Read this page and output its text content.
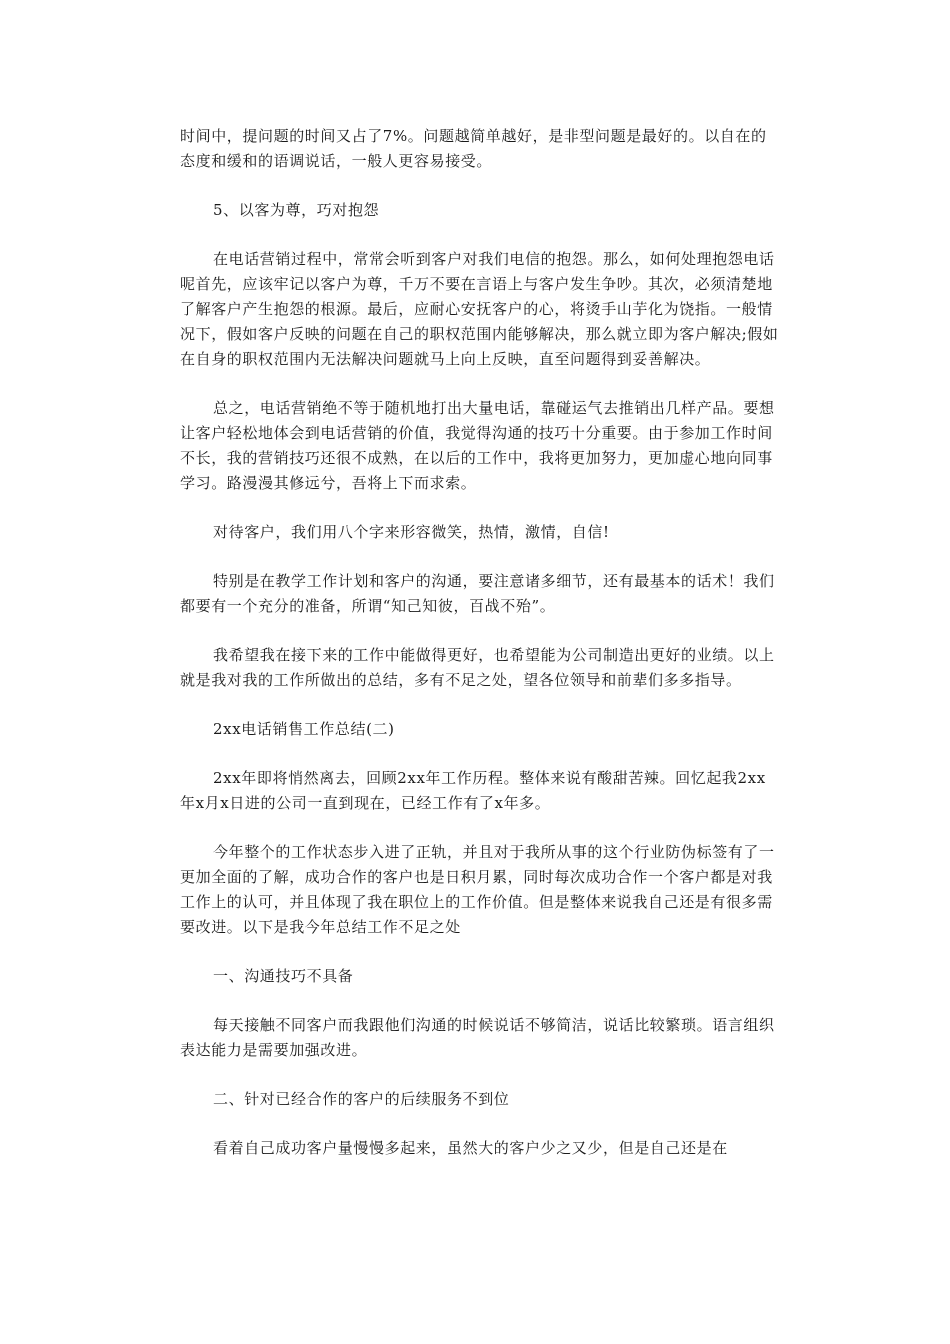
时间中，提问题的时间又占了7%。问题越简单越好，是非型问题是最好的。以自在的态度和缓和的语调说话，一般人更容易接受。

5、以客为尊，巧对抱怨

在电话营销过程中，常常会听到客户对我们电信的抱怨。那么，如何处理抱怨电话呢首先，应该牢记以客户为尊，千万不要在言语上与客户发生争吵。其次，必须清楚地了解客户产生抱怨的根源。最后，应耐心安抚客户的心，将烫手山芋化为饶指。一般情况下，假如客户反映的问题在自己的职权范围内能够解决，那么就立即为客户解决;假如在自身的职权范围内无法解决问题就马上向上反映，直至问题得到妥善解决。

总之，电话营销绝不等于随机地打出大量电话，靠碰运气去推销出几样产品。要想让客户轻松地体会到电话营销的价值，我觉得沟通的技巧十分重要。由于参加工作时间不长，我的营销技巧还很不成熟，在以后的工作中，我将更加努力，更加虚心地向同事学习。路漫漫其修远兮，吾将上下而求索。

对待客户，我们用八个字来形容微笑，热情，激情，自信!

特别是在教学工作计划和客户的沟通，要注意诸多细节，还有最基本的话术！我们都要有一个充分的准备，所谓“知己知彼，百战不殆”。

我希望我在接下来的工作中能做得更好，也希望能为公司制造出更好的业绩。以上就是我对我的工作所做出的总结，多有不足之处，望各位领导和前辈们多多指导。

2xx电话销售工作总结(二)

2xx年即将悄然离去，回顾2xx年工作历程。整体来说有酸甜苦辣。回忆起我2xx年x月x日进的公司一直到现在，已经工作有了x年多。

今年整个的工作状态步入进了正轨，并且对于我所从事的这个行业防伪标签有了一更加全面的了解，成功合作的客户也是日积月累，同时每次成功合作一个客户都是对我工作上的认可，并且体现了我在职位上的工作价值。但是整体来说我自己还是有很多需要改进。以下是我今年总结工作不足之处

一、沟通技巧不具备

每天接触不同客户而我跟他们沟通的时候说话不够简洁，说话比较繁琐。语言组织表达能力是需要加强改进。

二、针对已经合作的客户的后续服务不到位

看着自己成功客户量慢慢多起来，虽然大的客户少之又少，但是自己还是在
